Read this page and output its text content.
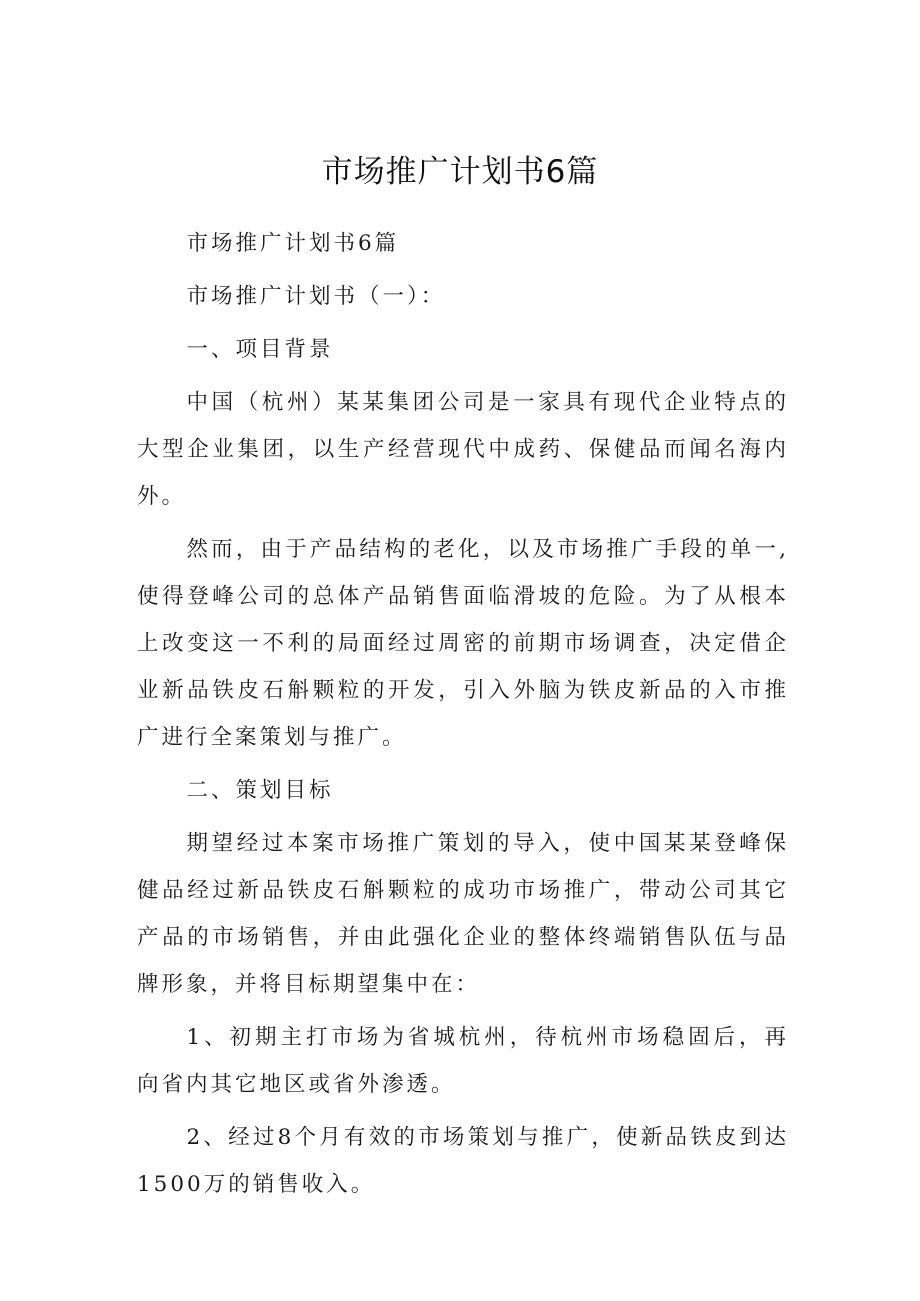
市场推广计划书6篇

市场推广计划书6篇

市场推广计划书（一）：

一、项目背景

中国（杭州）某某集团公司是一家具有现代企业特点的大型企业集团，以生产经营现代中成药、保健品而闻名海内外。

然而，由于产品结构的老化，以及市场推广手段的单一,使得登峰公司的总体产品销售面临滑坡的危险。为了从根本上改变这一不利的局面经过周密的前期市场调查，决定借企业新品铁皮石斛颗粒的开发，引入外脑为铁皮新品的入市推广进行全案策划与推广。

二、策划目标

期望经过本案市场推广策划的导入，使中国某某登峰保健品经过新品铁皮石斛颗粒的成功市场推广，带动公司其它产品的市场销售，并由此强化企业的整体终端销售队伍与品牌形象，并将目标期望集中在：

1、初期主打市场为省城杭州，待杭州市场稳固后，再向省内其它地区或省外渗透。

2、经过8个月有效的市场策划与推广，使新品铁皮到达1500万的销售收入。
